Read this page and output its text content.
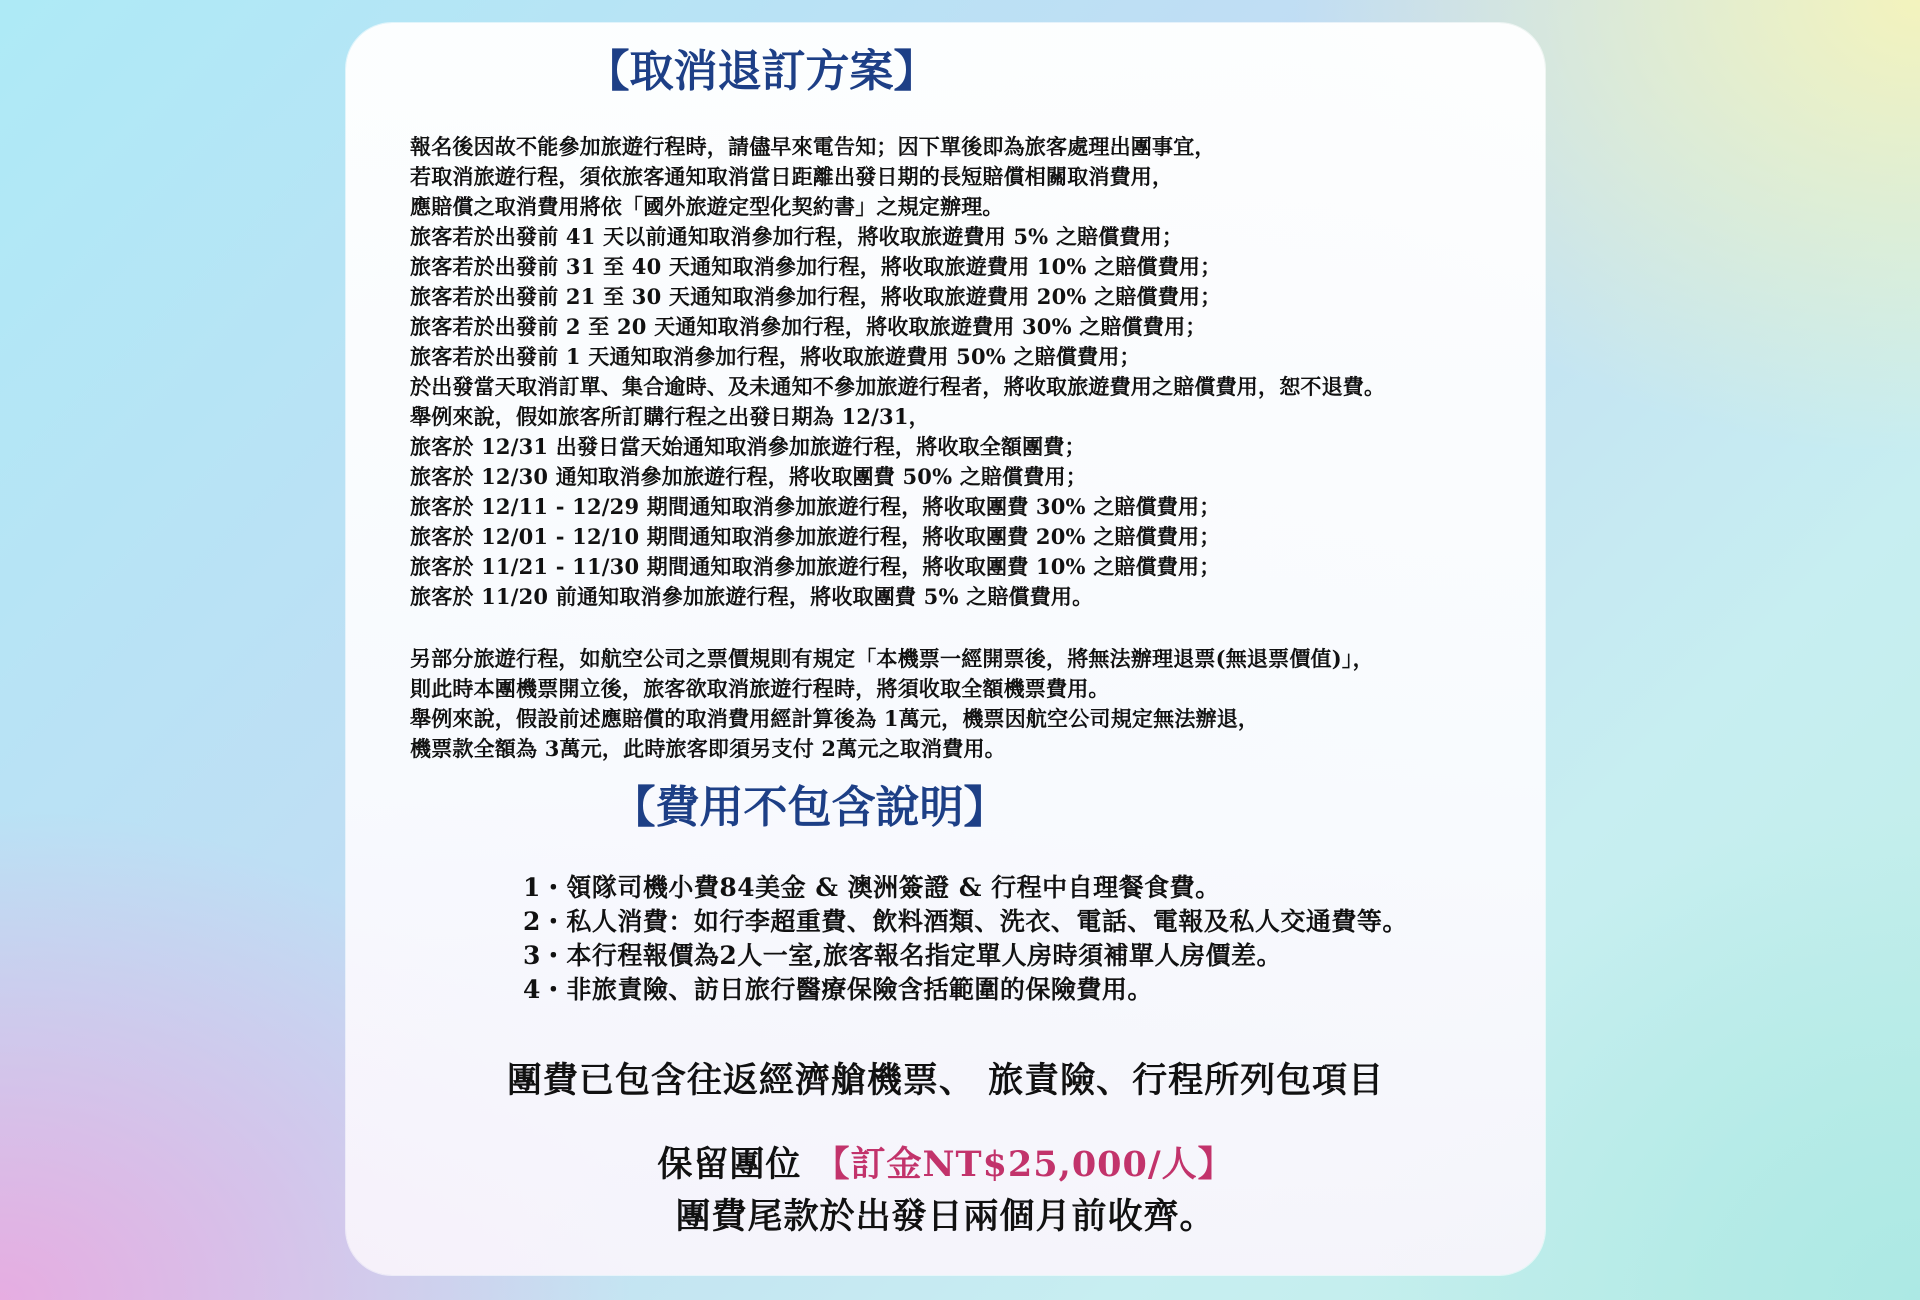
【取消退訂方案】
報名後因故不能參加旅遊行程時，請儘早來電告知；因下單後即為旅客處理出團事宜，
若取消旅遊行程，須依旅客通知取消當日距離出發日期的長短賠償相關取消費用，
應賠償之取消費用將依「國外旅遊定型化契約書」之規定辦理。
旅客若於出發前 41 天以前通知取消參加行程，將收取旅遊費用 5% 之賠償費用；
旅客若於出發前 31 至 40 天通知取消參加行程，將收取旅遊費用 10% 之賠償費用；
旅客若於出發前 21 至 30 天通知取消參加行程，將收取旅遊費用 20% 之賠償費用；
旅客若於出發前 2 至 20 天通知取消參加行程，將收取旅遊費用 30% 之賠償費用；
旅客若於出發前 1 天通知取消參加行程，將收取旅遊費用 50% 之賠償費用；
於出發當天取消訂單、集合逾時、及未通知不參加旅遊行程者，將收取旅遊費用之賠償費用，恕不退費。
舉例來說，假如旅客所訂購行程之出發日期為 12/31，
旅客於 12/31 出發日當天始通知取消參加旅遊行程，將收取全額團費；
旅客於 12/30 通知取消參加旅遊行程，將收取團費 50% 之賠償費用；
旅客於 12/11 - 12/29 期間通知取消參加旅遊行程，將收取團費 30% 之賠償費用；
旅客於 12/01 - 12/10 期間通知取消參加旅遊行程，將收取團費 20% 之賠償費用；
旅客於 11/21 - 11/30 期間通知取消參加旅遊行程，將收取團費 10% 之賠償費用；
旅客於 11/20 前通知取消參加旅遊行程，將收取團費 5% 之賠償費用。
另部分旅遊行程，如航空公司之票價規則有規定「本機票一經開票後，將無法辦理退票(無退票價值)」，
則此時本團機票開立後，旅客欲取消旅遊行程時，將須收取全額機票費用。
舉例來說，假設前述應賠償的取消費用經計算後為 1萬元，機票因航空公司規定無法辦退，
機票款全額為 3萬元，此時旅客即須另支付 2萬元之取消費用。
【費用不包含說明】
1・領隊司機小費84美金 & 澳洲簽證 & 行程中自理餐食費。
2・私人消費：如行李超重費、飲料酒類、洗衣、電話、電報及私人交通費等。
3・本行程報價為2人一室,旅客報名指定單人房時須補單人房價差。
4・非旅責險、訪日旅行醫療保險含括範圍的保險費用。
團費已包含往返經濟艙機票、 旅責險、行程所列包項目
保留團位 【訂金NT$25,000/人】
團費尾款於出發日兩個月前收齊。
